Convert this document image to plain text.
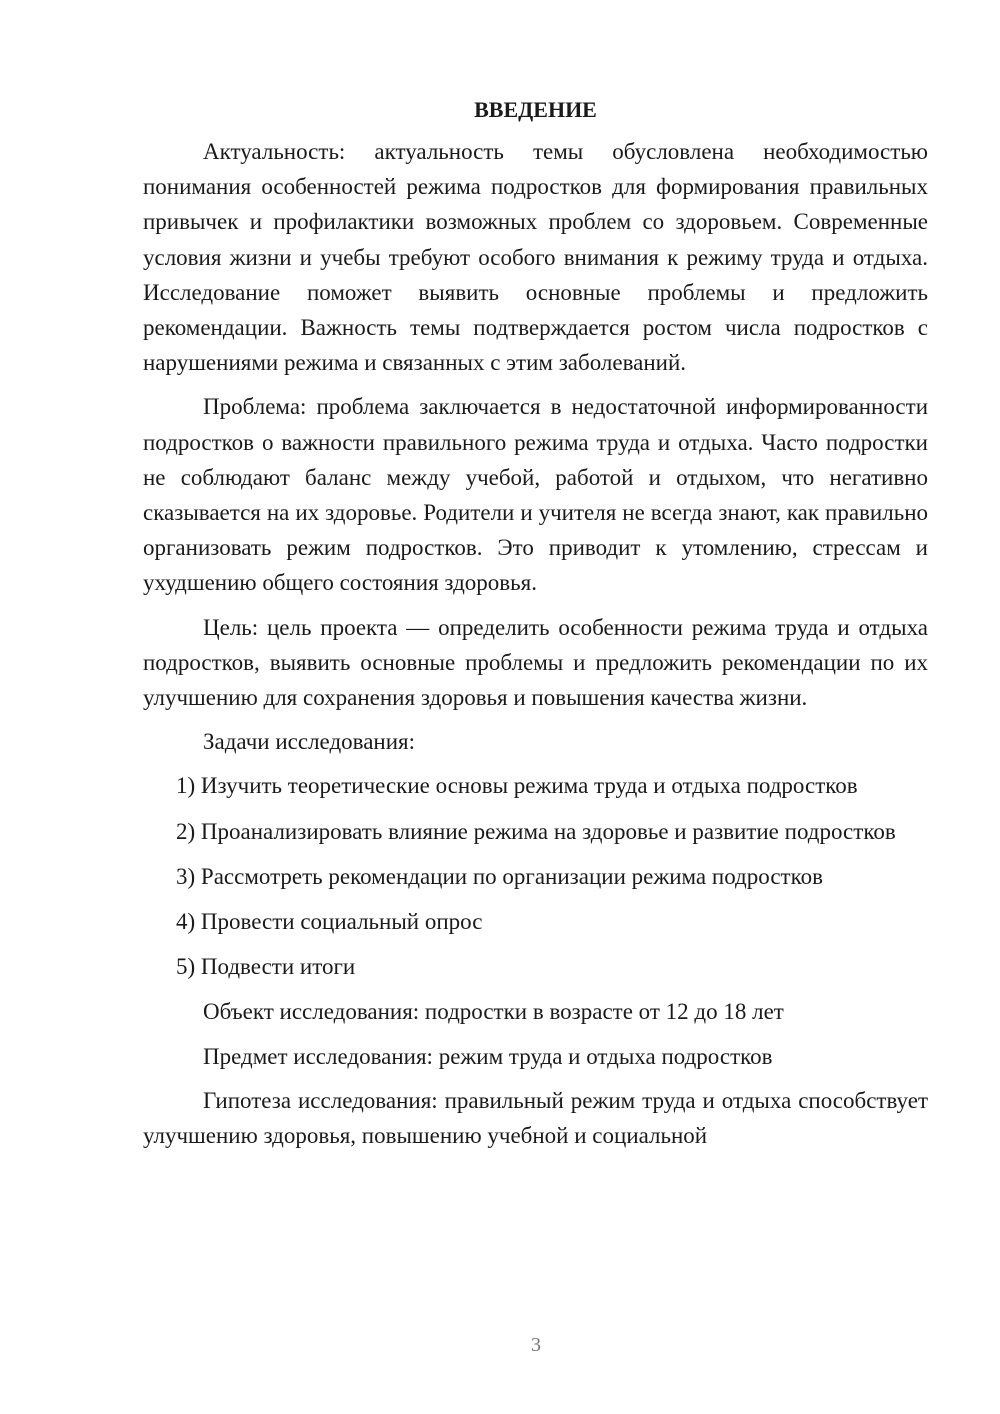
ВВЕДЕНИЕ

Актуальность: актуальность темы обусловлена необходимостью понимания особенностей режима подростков для формирования правильных привычек и профилактики возможных проблем со здоровьем. Современные условия жизни и учебы требуют особого внимания к режиму труда и отдыха. Исследование поможет выявить основные проблемы и предложить рекомендации. Важность темы подтверждается ростом числа подростков с нарушениями режима и связанных с этим заболеваний.

Проблема: проблема заключается в недостаточной информированности подростков о важности правильного режима труда и отдыха. Часто подростки не соблюдают баланс между учебой, работой и отдыхом, что негативно сказывается на их здоровье. Родители и учителя не всегда знают, как правильно организовать режим подростков. Это приводит к утомлению, стрессам и ухудшению общего состояния здоровья.

Цель: цель проекта — определить особенности режима труда и отдыха подростков, выявить основные проблемы и предложить рекомендации по их улучшению для сохранения здоровья и повышения качества жизни.

Задачи исследования:

1) Изучить теоретические основы режима труда и отдыха подростков

2) Проанализировать влияние режима на здоровье и развитие подростков

3) Рассмотреть рекомендации по организации режима подростков

4) Провести социальный опрос

5) Подвести итоги

Объект исследования: подростки в возрасте от 12 до 18 лет

Предмет исследования: режим труда и отдыха подростков

Гипотеза исследования: правильный режим труда и отдыха способствует улучшению здоровья, повышению учебной и социальной

3
